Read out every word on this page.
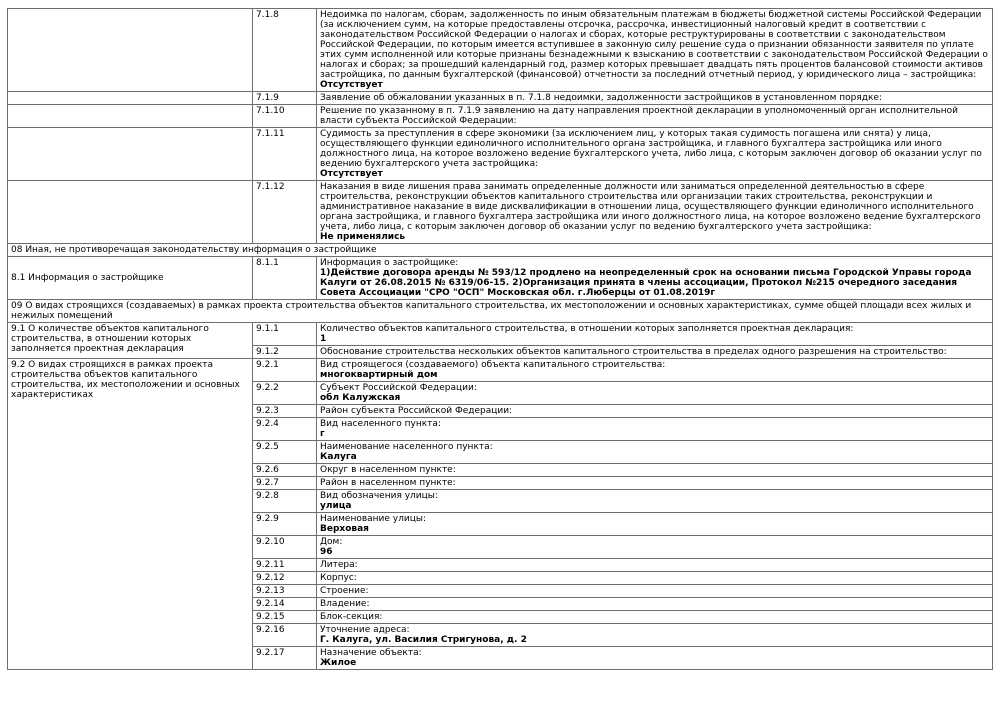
	7.1.8	Недоимка по налогам, сборам, задолженность по иным обязательным платежам в бюджеты бюджетной системы Российской Федерации (за исключением сумм, на которые предоставлены отсрочка, рассрочка, инвестиционный налоговый кредит в соответствии с законодательством Российской Федерации о налогах и сборах, которые реструктурированы в соответствии с законодательством Российской Федерации, по которым имеется вступившее в законную силу решение суда о признании обязанности заявителя по уплате этих сумм исполненной или которые признаны безнадежными к взысканию в соответствии с законодательством Российской Федерации о налогах и сборах; за прошедший календарный год, размер которых превышает двадцать пять процентов балансовой стоимости активов застройщика, по данным бухгалтерской (финансовой) отчетности за последний отчетный период, у юридического лица – застройщика:
Отсутствует

	7.1.9	Заявление об обжаловании указанных в п. 7.1.8 недоимки, задолженности застройщиков в установленном порядке:

	7.1.10	Решение по указанному в п. 7.1.9 заявлению на дату направления проектной декларации в уполномоченный орган исполнительной власти субъекта Российской Федерации:

	7.1.11	Судимость за преступления в сфере экономики (за исключением лиц, у которых такая судимость погашена или снята) у лица, осуществляющего функции единоличного исполнительного органа застройщика, и главного бухгалтера застройщика или иного должностного лица, на которое возложено ведение бухгалтерского учета, либо лица, с которым заключен договор об оказании услуг по ведению бухгалтерского учета застройщика:
Отсутствует

	7.1.12	Наказания в виде лишения права занимать определенные должности или заниматься определенной деятельностью в сфере строительства, реконструкции объектов капитального строительства или организации таких строительства, реконструкции и административное наказание в виде дисквалификации в отношении лица, осуществляющего функции единоличного исполнительного органа застройщика, и главного бухгалтера застройщика или иного должностного лица, на которое возложено ведение бухгалтерского учета, либо лица, с которым заключен договор об оказании услуг по ведению бухгалтерского учета застройщика:
Не применялись

08 Иная, не противоречащая законодательству информация о застройщике		
8.1 Информация о застройщике	8.1.1	Информация о застройщике:
1)Действие договора аренды № 593/12 продлено на неопределенный срок на основании письма Городской Управы города Калуги от 26.08.2015 № 6319/06-15. 2)Организация принята в члены ассоциации, Протокол №215 очередного заседания Совета Ассоциации "СРО "ОСП" Московская обл. г.Люберцы от 01.08.2019г

09 О видах строящихся (создаваемых) в рамках проекта строительства объектов капитального строительства, их местоположении и основных характеристиках, сумме общей площади всех жилых и нежилых помещений		
9.1 О количестве объектов капитального строительства, в отношении которых заполняется проектная декларация	9.1.1	Количество объектов капитального строительства, в отношении которых заполняется проектная декларация:
1

	9.1.2	Обоснование строительства нескольких объектов капитального строительства в пределах одного разрешения на строительство:

9.2 О видах строящихся в рамках проекта строительства объектов капитального строительства, их местоположении и основных характеристиках	9.2.1	Вид строящегося (создаваемого) объекта капитального строительства:
многоквартирный дом

	9.2.2	Субъект Российской Федерации:
обл Калужская

	9.2.3	Район субъекта Российской Федерации:

	9.2.4	Вид населенного пункта:
г

	9.2.5	Наименование населенного пункта:
Калуга

	9.2.6	Округ в населенном пункте:

	9.2.7	Район в населенном пункте:

	9.2.8	Вид обозначения улицы:
улица

	9.2.9	Наименование улицы:
Верховая

	9.2.10	Дом:
96

	9.2.11	Литера:

	9.2.12	Корпус:

	9.2.13	Строение:

	9.2.14	Владение:

	9.2.15	Блок-секция:

	9.2.16	Уточнение адреса:
Г. Калуга, ул. Василия Стригунова, д. 2

	9.2.17	Назначение объекта:
Жилое
